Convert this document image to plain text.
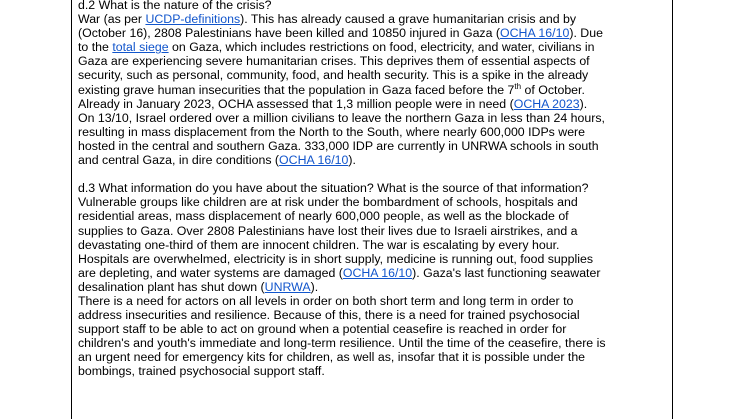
d.2 What is the nature of the crisis?
War (as per UCDP-definitions). This has already caused a grave humanitarian crisis and by
(October 16), 2808 Palestinians have been killed and 10850 injured in Gaza (OCHA 16/10). Due
to the total siege on Gaza, which includes restrictions on food, electricity, and water, civilians in
Gaza are experiencing severe humanitarian crises. This deprives them of essential aspects of
security, such as personal, community, food, and health security. This is a spike in the already
existing grave human insecurities that the population in Gaza faced before the 7th of October.
Already in January 2023, OCHA assessed that 1,3 million people were in need (OCHA 2023).
On 13/10, Israel ordered over a million civilians to leave the northern Gaza in less than 24 hours,
resulting in mass displacement from the North to the South, where nearly 600,000 IDPs were
hosted in the central and southern Gaza. 333,000 IDP are currently in UNRWA schools in south
and central Gaza, in dire conditions (OCHA 16/10).
d.3 What information do you have about the situation? What is the source of that information?
Vulnerable groups like children are at risk under the bombardment of schools, hospitals and
residential areas, mass displacement of nearly 600,000 people, as well as the blockade of
supplies to Gaza. Over 2808 Palestinians have lost their lives due to Israeli airstrikes, and a
devastating one-third of them are innocent children. The war is escalating by every hour.
Hospitals are overwhelmed, electricity is in short supply, medicine is running out, food supplies
are depleting, and water systems are damaged (OCHA 16/10). Gaza's last functioning seawater
desalination plant has shut down (UNRWA).
There is a need for actors on all levels in order on both short term and long term in order to
address insecurities and resilience. Because of this, there is a need for trained psychosocial
support staff to be able to act on ground when a potential ceasefire is reached in order for
children's and youth's immediate and long-term resilience. Until the time of the ceasefire, there is
an urgent need for emergency kits for children, as well as, insofar that it is possible under the
bombings, trained psychosocial support staff.
